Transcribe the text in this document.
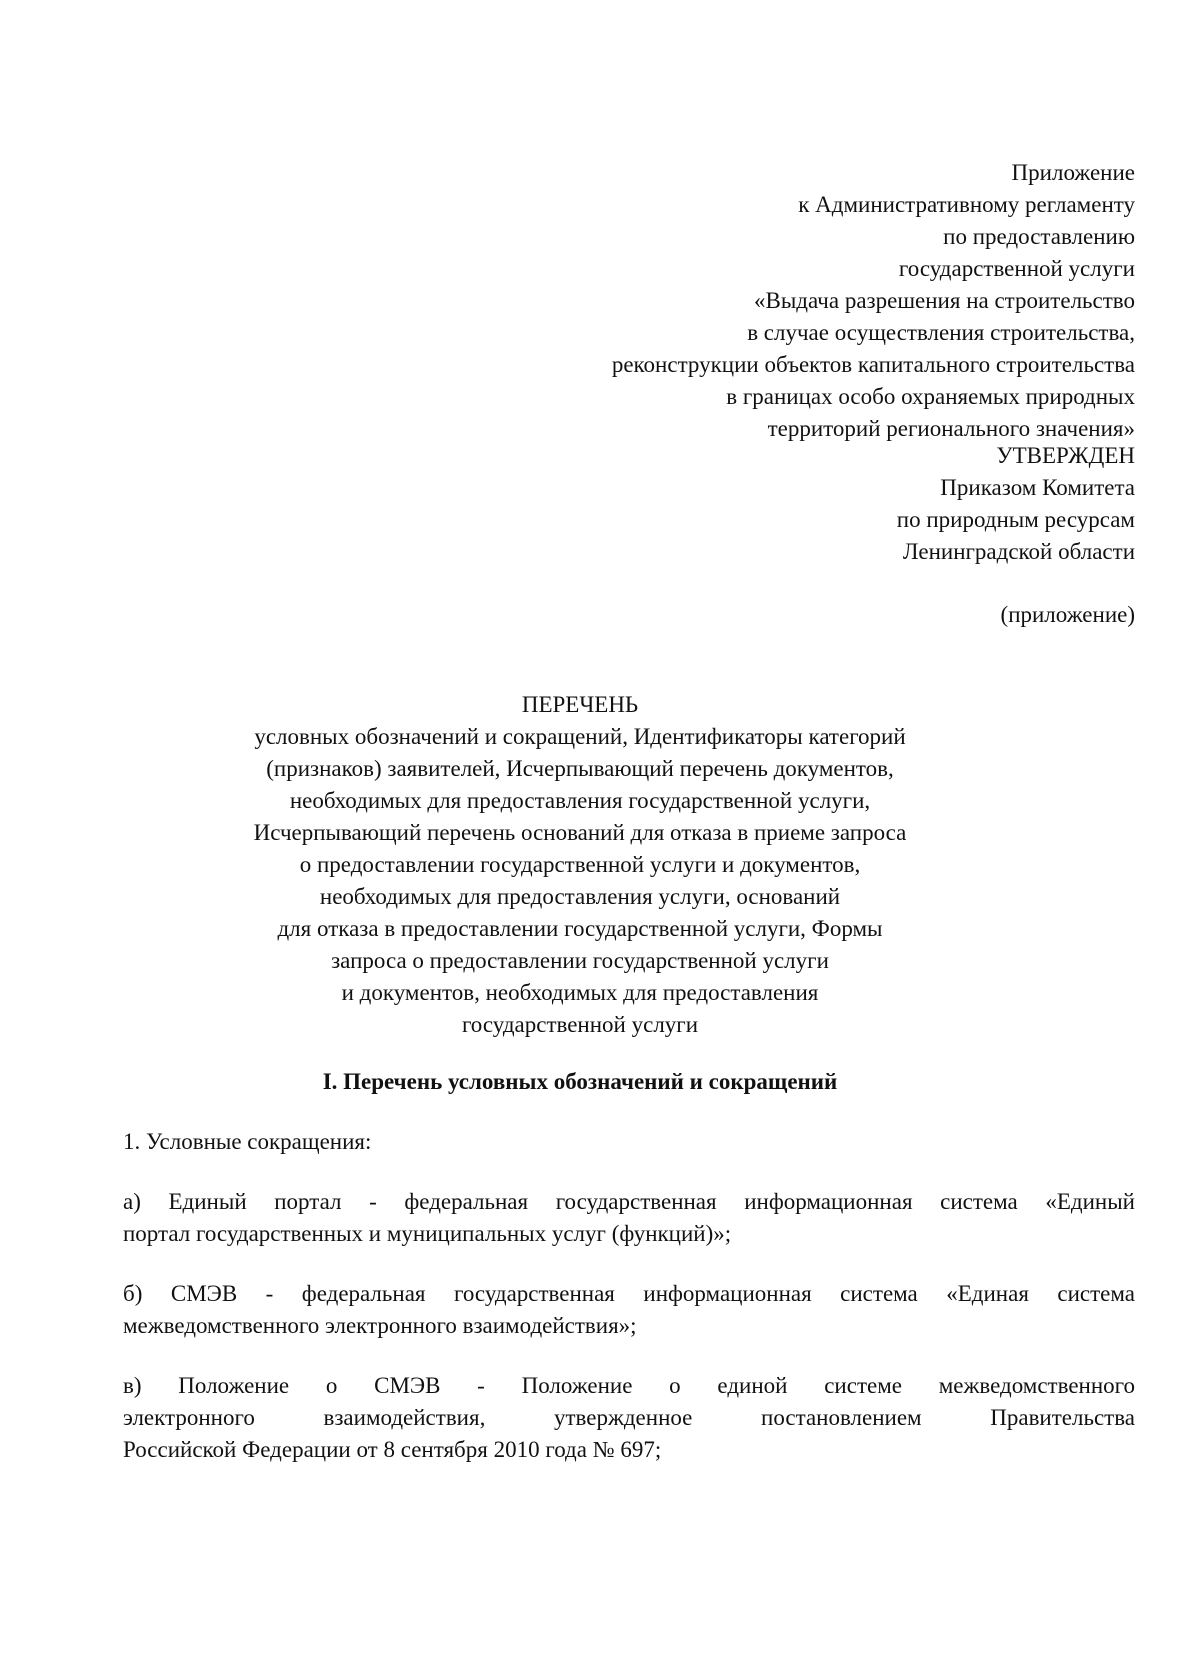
Приложение
к Административному регламенту
по предоставлению
государственной услуги
«Выдача разрешения на строительство
в случае осуществления строительства,
реконструкции объектов капитального строительства
в границах особо охраняемых природных
территорий регионального значения»
УТВЕРЖДЕН
Приказом Комитета
по природным ресурсам
Ленинградской области
(приложение)
ПЕРЕЧЕНЬ
условных обозначений и сокращений, Идентификаторы категорий
(признаков) заявителей, Исчерпывающий перечень документов,
необходимых для предоставления государственной услуги,
Исчерпывающий перечень оснований для отказа в приеме запроса
о предоставлении государственной услуги и документов,
необходимых для предоставления услуги, оснований
для отказа в предоставлении государственной услуги, Формы
запроса о предоставлении государственной услуги
и документов, необходимых для предоставления
государственной услуги
I. Перечень условных обозначений и сокращений
1. Условные сокращения:
а) Единый портал - федеральная государственная информационная система «Единый
портал государственных и муниципальных услуг (функций)»;
б) СМЭВ - федеральная государственная информационная система «Единая система
межведомственного электронного взаимодействия»;
в) Положение о СМЭВ - Положение о единой системе межведомственного
электронного взаимодействия, утвержденное постановлением Правительства
Российской Федерации от 8 сентября 2010 года № 697;
